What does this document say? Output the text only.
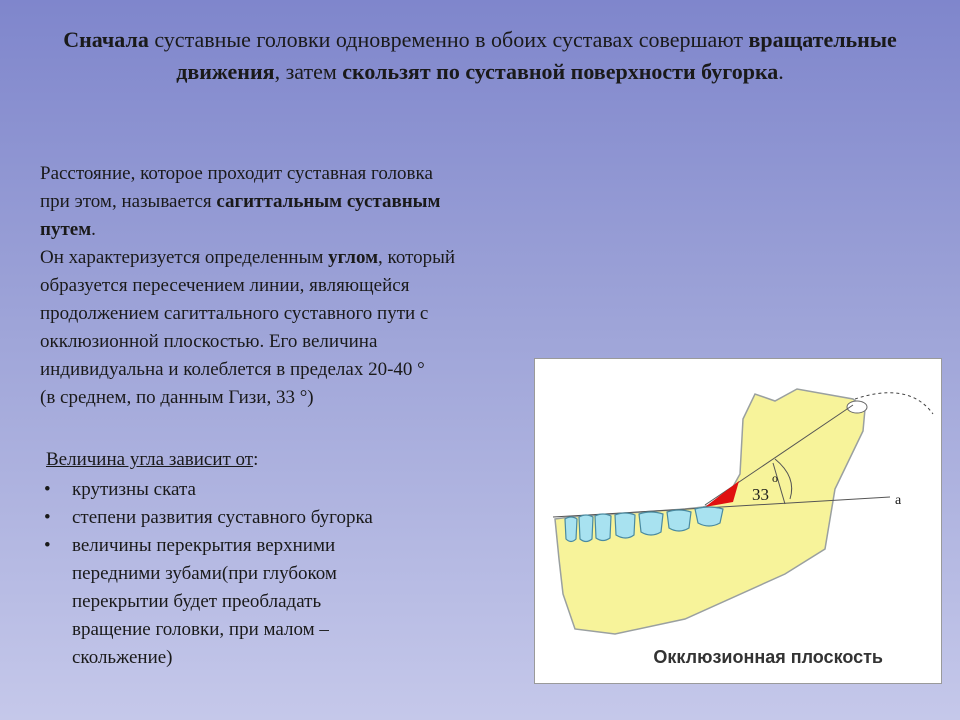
Сначала суставные головки одновременно в обоих суставах совершают вращательные движения, затем скользят по суставной поверхности бугорка.
Расстояние, которое проходит суставная головка
при этом, называется сагиттальным суставным
путем.
Он характеризуется определенным углом, который
образуется пересечением линии, являющейся
продолжением сагиттального суставного пути с
окклюзионной плоскостью. Его величина
индивидуальна и колеблется в пределах 20-40 °
(в среднем, по данным Гизи, 33 °)
Величина угла зависит от:
• крутизны ската
• степени развития суставного бугорка
• величины перекрытия верхними
передними зубами(при глубоком
перекрытии будет преобладать
вращение головки, при малом –
скольжение)
о
33	а
Окклюзионная плоскость
